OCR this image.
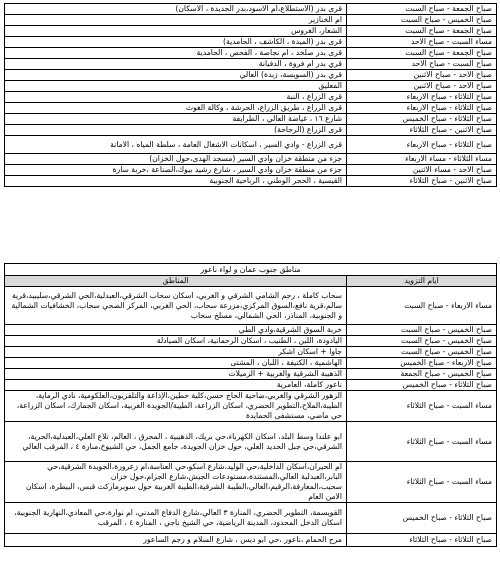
صباح الجمعة - صباح السبت	قرى بدر (الاستطلاع،ام الاسود،بدر الجديدة ، الاسكان)
صباح الخميس - صباح السبت	ام الخنازير
صباح الجمعة - صباح السبت	الشعار، الغروس
مساء السبت - صباح الاحد	قرى بدر (الميدة ، الكاشف ، الحامدية)
صباح الجمعة - صباح السبت	قرى بدر صلخد ، ام نجاصة ، الفحص ، الحامدية
صباح السبت - صباح الاحد	قري بدر ام فروة ، الدفيانة
صباح الاحد - صباح الاثنين	قري بدر (السويسة، زبدة) العالي
صباح الاحد - صباح الاثنين	المعليق
صباح الثلاثاء - صباح الاربعاء	قرى الزراع ، النبة
صباح الثلاثاء - صباح الاربعاء	قرى الزراع ، طريق الزراع، الحرشة ، وكالة الغوث
صباح الثلاثاء - صباح الخميس	شارع ١٦ ، غياضة العالي ، الطرايفة
صباح الاثنين - صباح الثلاثاء	قرى الزراع (الرجاحة)
صباح الثلاثاء - صباح الاربعاء	قرى الزراع - وادي السير ، اسكانات الاشغال العامة ، سلطة المياه ، الامانة
مساء الثلاثاء - مساء الاربعاء	جزء من منطقة خزان وادي السير (مسجد الهدى،حول الخزان)
صباح الاحد - مساء الاثنين	جزء من منطقة خزان وادي السير ، شارع رشيد بيوك،الصناعة ،خربة سارة
صباح الاثنين - صباح الثلاثاء	القيسية ، الحجر الوطني ، الرباحية الجنوبية
مناطق جنوب عمان و لواء ناعور	
ايام التزويد	المناطق
مساء الاربعاء - صباح السبت	سحاب كاملة ، رجم الشامي الشرقي و الغربي، اسكان سحاب الشرقي،العبدلية،الحي الشرقي،سليبيد،قرية سالم،قرية نافع،السوق المركزي،مزرعة سحاب، الحي الغربي، المركز الصحي سحاب، الخشافيات الشمالية و الجنوبية، المناذر، الحي الشمالي، مسلخ سحاب
صباح الخميس - صباح السبت	خربة السوق الشرقية،وادي الطي
صباح الخميس - صباح السبت	اليادودة، اللبن ، الطنيب ، اسكان الرحمانية، اسكان الصيادلة
صباح الخميس - صباح السبت	جاوا + اسكان اشكر
صباح الاربعاء - صباح الخميس	الهاشمية ، الكتيفة ، اللبان ، المشتى
صباح الخميس - صباح الجمعة	الذهيبة الشرقية والغربية + الزميلات
صباح الثلاثاء - صباح الخميس	ناعور كاملة، العامرية
مساء السبت - صباح الثلاثاء	الزهور الشرقي والغربي،ضاحية الحاج حسن،كلية حطين،الإذاعة والتلفزيون،العلكومية، نادي الرماية، الطيبة،الملاح،التطوير الحضري، اسكان الزراعة، الطيبة/الجويدة الغربية، اسكان الجمارك، اسكان الزراعة، حي ماضي، مستشفى الحمايدة
مساء السبت - صباح الثلاثاء	ابو علندا وسط البلد، اسكان الكهرباء،حي بريك، الذهيبية ، المحرق ، العالم، تلاع العلي،العبدلية،الحرية، الشرقي،حي جبل الحديد العلي، حول خزان الجويدة، جامع الجمل، حي الشيوخ،منارة ٤ ، المرقب العالي
مساء السبت - صباح الثلاثاء	ام الحيران،اسكان الداخلية،حي الوليد،شارع اسكو،حي العتاسة،ام زعرورة،الجويدة الشرقية،حي البابر،العبدلية العالي،المستندة،مستودعات الجيش،شارع الجزام،حول خزان سحيب،المعارفة،الرقيم،العالي،الطيبة الشرقية،الطيبة الغربية حول سوبرماركت قبس، البيطرة، اسكان الامن العام
صباح الثلاثاء - صباح الخميس	القويسمة، التطوير الحضري، المنارة ٣ العالي،شارع الدفاع المدني، ام نوارة،حي المعادي،النهارية الجنوبية، اسكان الدخل المحدود، المدينة الرياضية، حي الشيخ ناجي ، المنارة ٤ ، المرقب
صباح الثلاثاء - صباح الثلاثاء	مرج الحمام ،ناعور ،حي ابو ديس ، شارع السلام و رجم الساعور
